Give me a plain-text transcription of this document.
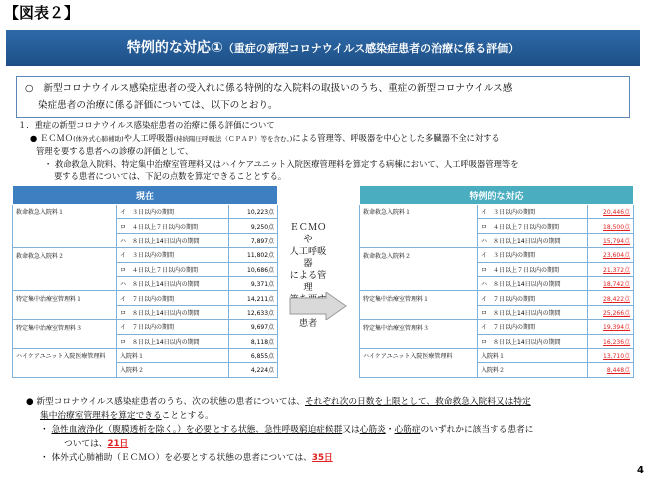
【図表２】
特例的な対応①（重症の新型コロナウイルス感染症患者の治療に係る評価）
○ 新型コロナウイルス感染症患者の受入れに係る特例的な入院料の取扱いのうち、重症の新型コロナウイルス感
染症患者の治療に係る評価については、以下のとおり。
１．重症の新型コロナウイルス感染症患者の治療に係る評価について
● ＥＣＭＯ(体外式心肺補助)や人工呼吸器(持続陽圧呼吸法（ＣＰＡＰ）等を含む。)による管理等、呼吸器を中心とした多臓器不全に対する
管理を要する患者への診療の評価として、
・ 救命救急入院料、特定集中治療室管理料又はハイケアユニット入院医療管理料を算定する病棟において、人工呼吸器管理等を
要する患者については、下記の点数を算定できることとする。
現在		
救命救急入院料１	イ　３日以内の期間	10,223点
	ロ　４日以上７日以内の期間	9,250点
	ハ　８日以上14日以内の期間	7,897点
救命救急入院料２	イ　３日以内の期間	11,802点
	ロ　４日以上７日以内の期間	10,686点
	ハ　８日以上14日以内の期間	9,371点
特定集中治療室管理料１	イ　７日以内の期間	14,211点
	ロ　８日以上14日以内の期間	12,633点
特定集中治療室管理料３	イ　７日以内の期間	9,697点
	ロ　８日以上14日以内の期間	8,118点
ハイケアユニット入院医療管理料	入院料１	6,855点
	入院料２	4,224点
ＥＣＭＯや
人工呼吸器
による管理
患者
特例的な対応		
救命救急入院料１	イ　３日以内の期間	20,446点
	ロ　４日以上７日以内の期間	18,500点
	ハ　８日以上14日以内の期間	15,794点
救命救急入院料２	イ　３日以内の期間	23,604点
	ロ　４日以上７日以内の期間	21,372点
	ハ　８日以上14日以内の期間	18,742点
特定集中治療室管理料１	イ　７日以内の期間	28,422点
	ロ　８日以上14日以内の期間	25,266点
特定集中治療室管理料３	イ　７日以内の期間	19,394点
	ロ　８日以上14日以内の期間	16,236点
ハイケアユニット入院医療管理料	入院料１	13,710点
	入院料２	8,448点
● 新型コロナウイルス感染症患者のうち、次の状態の患者については、それぞれ次の日数を上限として、救命救急入院料又は特定
集中治療室管理料を算定できることとする。
・ 急性血液浄化（腹膜透析を除く。）を必要とする状態、急性呼吸窮迫症候群又は心筋炎・心筋症のいずれかに該当する患者に
ついては、21日
・ 体外式心肺補助（ＥＣＭＯ）を必要とする状態の患者については、35日
4
